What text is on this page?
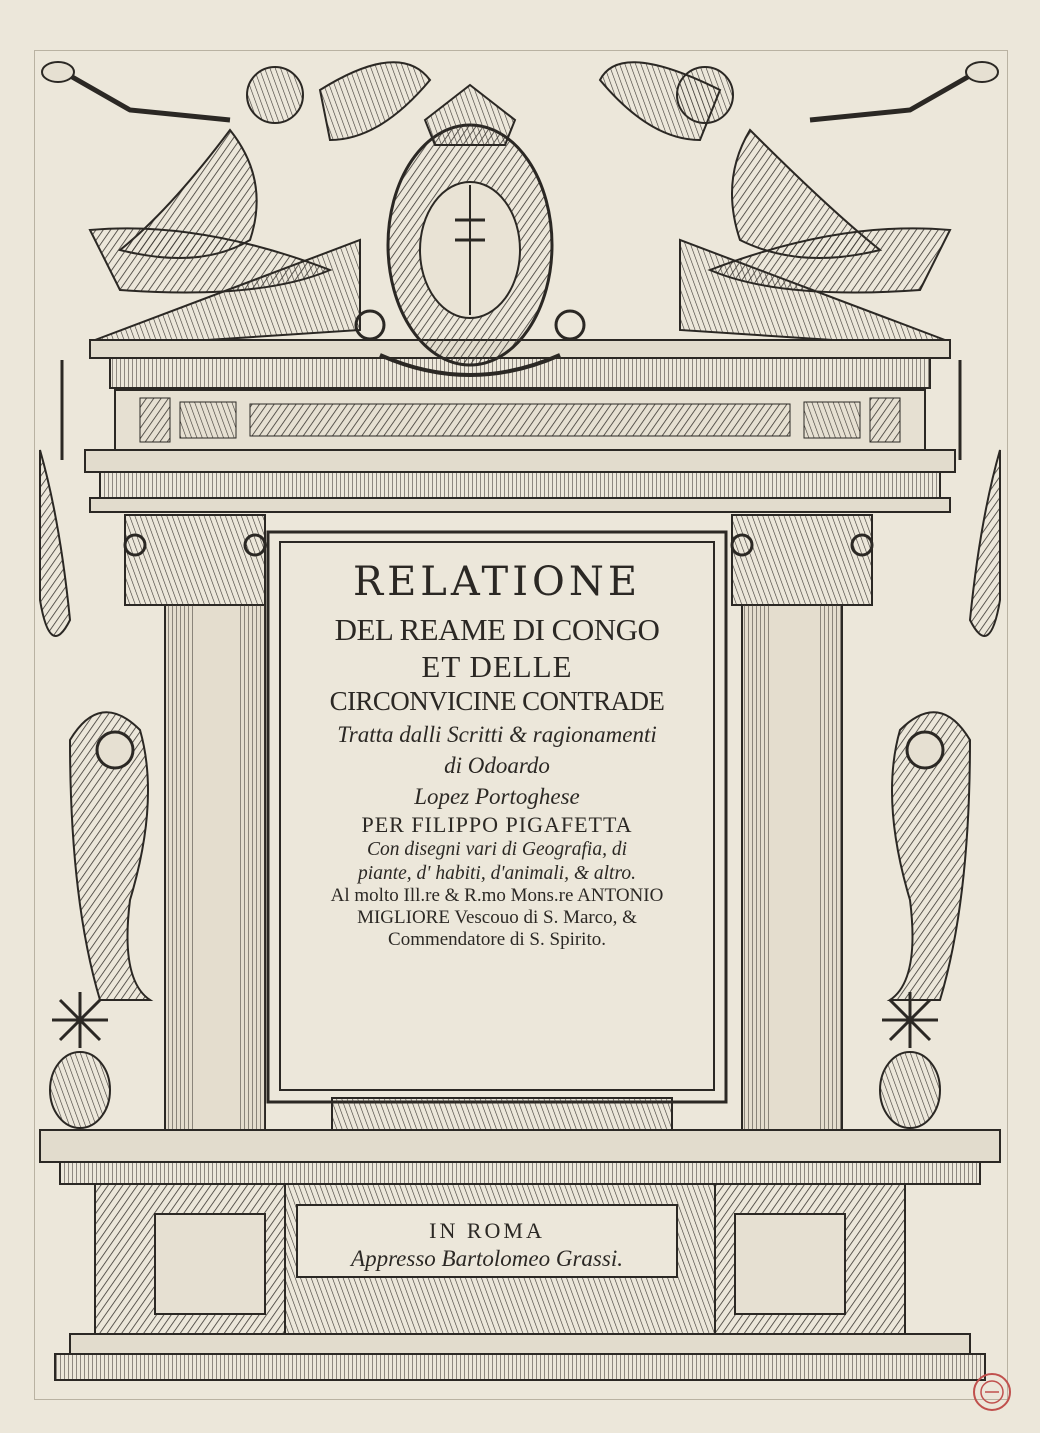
RELATIONE
DEL REAME DI CONGO
ET DELLE
CIRCONVICINE CONTRADE
Tratta dalli Scritti & ragionamenti
di Odoardo
Lopez Portoghese
PER FILIPPO PIGAFETTA
Con disegni vari di Geografia, di
piante, d' habiti, d'animali, & altro.
Al molto Ill.re & R.mo Mons.re ANTONIO
MIGLIORE Vescouo di S. Marco, &
Commendatore di S. Spirito.
IN ROMA
Appresso Bartolomeo Grassi.
